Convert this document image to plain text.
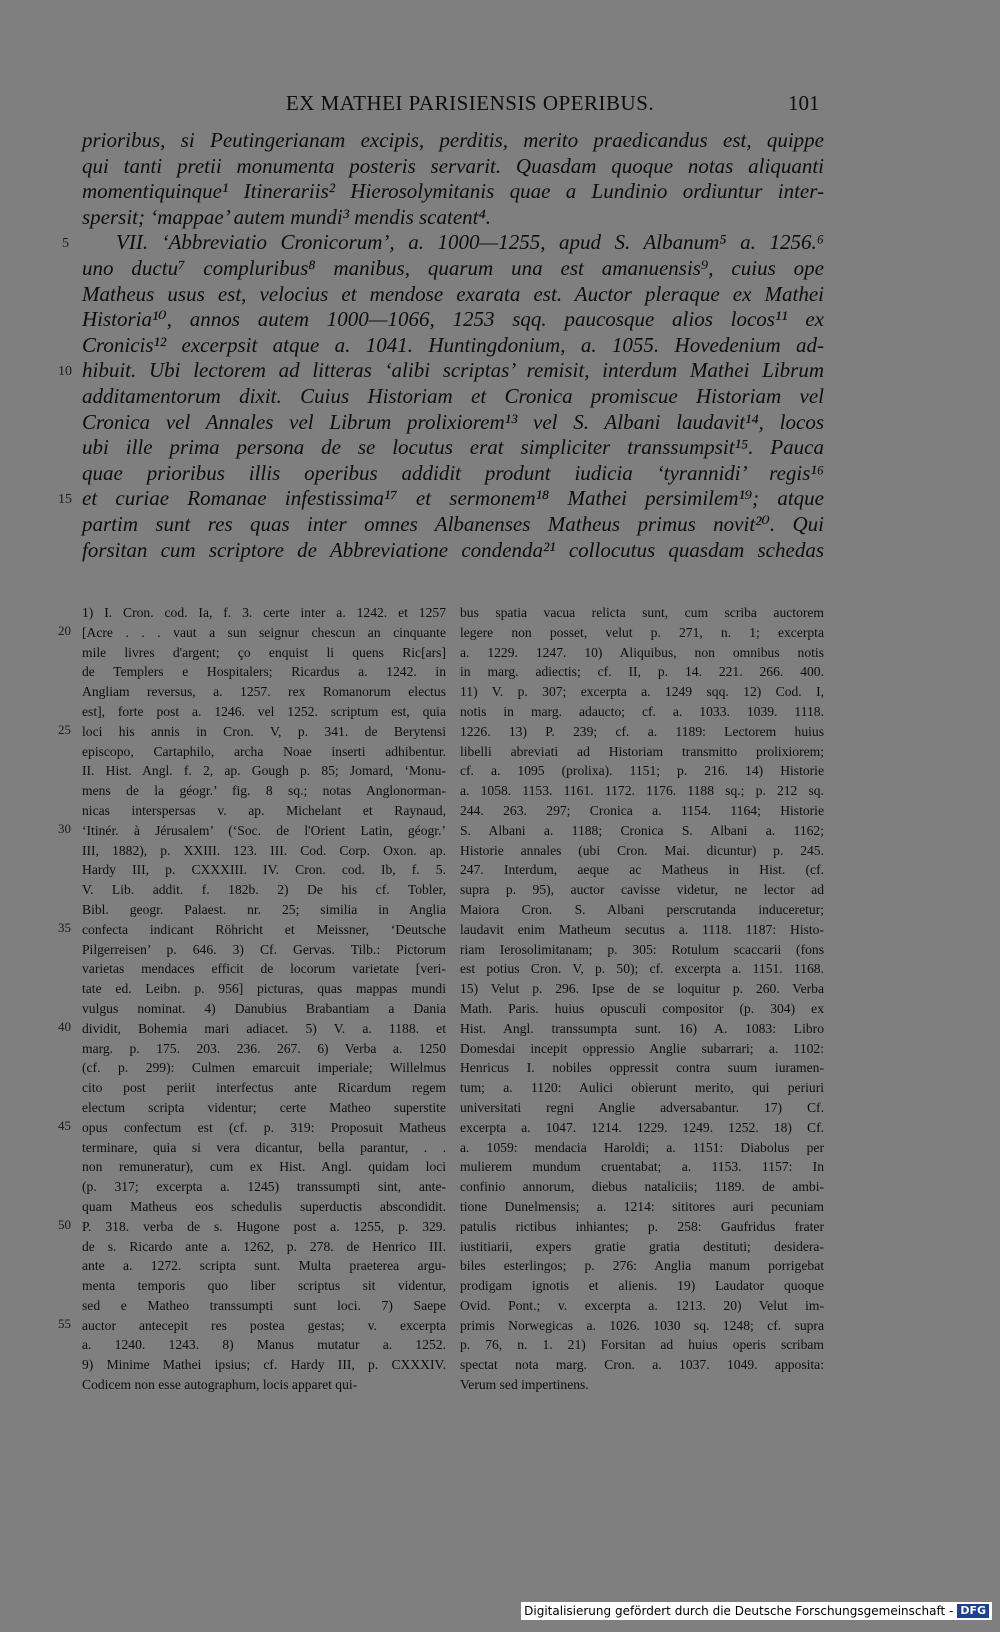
EX MATHEI PARISIENSIS OPERIBUS.	101
prioribus, si Peutingerianam excipis, perditis, merito praedicandus est, quippe
qui tanti pretii monumenta posteris servarit. Quasdam quoque notas aliquanti
momentiquinque¹ Itinerariis² Hierosolymitanis quae a Lundinio ordiuntur inter-
spersit; ‘mappae’ autem mundi³ mendis scatent⁴.
VII. ‘Abbreviatio Cronicorum’, a. 1000—1255, apud S. Albanum⁵ a. 1256.⁶
uno ductu⁷ compluribus⁸ manibus, quarum una est amanuensis⁹, cuius ope
Matheus usus est, velocius et mendose exarata est. Auctor pleraque ex Mathei
Historia¹⁰, annos autem 1000—1066, 1253 sqq. paucosque alios locos¹¹ ex
Cronicis¹² excerpsit atque a. 1041. Huntingdonium, a. 1055. Hovedenium ad-
hibuit. Ubi lectorem ad litteras ‘alibi scriptas’ remisit, interdum Mathei Librum
additamentorum dixit. Cuius Historiam et Cronica promiscue Historiam vel
Cronica vel Annales vel Librum prolixiorem¹³ vel S. Albani laudavit¹⁴, locos
ubi ille prima persona de se locutus erat simpliciter transsumpsit¹⁵. Pauca
quae prioribus illis operibus addidit produnt iudicia ‘tyrannidi’ regis¹⁶
et curiae Romanae infestissima¹⁷ et sermonem¹⁸ Mathei persimilem¹⁹; atque
partim sunt res quas inter omnes Albanenses Matheus primus novit²⁰. Qui
forsitan cum scriptore de Abbreviatione condenda²¹ collocutus quasdam schedas
5
10
15
1) I. Cron. cod. Ia, f. 3. certe inter a. 1242. et 1257
[Acre . . . vaut a sun seignur chescun an cinquante
mile livres d'argent; ço enquist li quens Ric[ars]
de Templers e Hospitalers; Ricardus a. 1242. in
Angliam reversus, a. 1257. rex Romanorum electus
est], forte post a. 1246. vel 1252. scriptum est, quia
loci his annis in Cron. V, p. 341. de Berytensi
episcopo, Cartaphilo, archa Noae inserti adhibentur.
II. Hist. Angl. f. 2, ap. Gough p. 85; Jomard, ‘Monu-
mens de la géogr.’ fig. 8 sq.; notas Anglonorman-
nicas interspersas v. ap. Michelant et Raynaud,
‘Itinér. à Jérusalem’ (‘Soc. de l'Orient Latin, géogr.’
III, 1882), p. XXIII. 123. III. Cod. Corp. Oxon. ap.
Hardy III, p. CXXXIII. IV. Cron. cod. Ib, f. 5.
V. Lib. addit. f. 182b. 2) De his cf. Tobler,
Bibl. geogr. Palaest. nr. 25; similia in Anglia
confecta indicant Röhricht et Meissner, ‘Deutsche
Pilgerreisen’ p. 646. 3) Cf. Gervas. Tilb.: Pictorum
varietas mendaces efficit de locorum varietate [veri-
tate ed. Leibn. p. 956] picturas, quas mappas mundi
vulgus nominat. 4) Danubius Brabantiam a Dania
dividit, Bohemia mari adiacet. 5) V. a. 1188. et
marg. p. 175. 203. 236. 267. 6) Verba a. 1250
(cf. p. 299): Culmen emarcuit imperiale; Willelmus
cito post periit interfectus ante Ricardum regem
electum scripta videntur; certe Matheo superstite
opus confectum est (cf. p. 319: Proposuit Matheus
terminare, quia si vera dicantur, bella parantur, . .
non remuneratur), cum ex Hist. Angl. quidam loci
(p. 317; excerpta a. 1245) transsumpti sint, ante-
quam Matheus eos schedulis superductis abscondidit.
P. 318. verba de s. Hugone post a. 1255, p. 329.
de s. Ricardo ante a. 1262, p. 278. de Henrico III.
ante a. 1272. scripta sunt. Multa praeterea argu-
menta temporis quo liber scriptus sit videntur,
sed e Matheo transsumpti sunt loci. 7) Saepe
auctor antecepit res postea gestas; v. excerpta
a. 1240. 1243. 8) Manus mutatur a. 1252.
9) Minime Mathei ipsius; cf. Hardy III, p. CXXXIV.
Codicem non esse autographum, locis apparet qui-
bus spatia vacua relicta sunt, cum scriba auctorem
legere non posset, velut p. 271, n. 1; excerpta
a. 1229. 1247. 10) Aliquibus, non omnibus notis
in marg. adiectis; cf. II, p. 14. 221. 266. 400.
11) V. p. 307; excerpta a. 1249 sqq. 12) Cod. I,
notis in marg. adaucto; cf. a. 1033. 1039. 1118.
1226. 13) P. 239; cf. a. 1189: Lectorem huius
libelli abreviati ad Historiam transmitto prolixiorem;
cf. a. 1095 (prolixa). 1151; p. 216. 14) Historie
a. 1058. 1153. 1161. 1172. 1176. 1188 sq.; p. 212 sq.
244. 263. 297; Cronica a. 1154. 1164; Historie
S. Albani a. 1188; Cronica S. Albani a. 1162;
Historie annales (ubi Cron. Mai. dicuntur) p. 245.
247. Interdum, aeque ac Matheus in Hist. (cf.
supra p. 95), auctor cavisse videtur, ne lector ad
Maiora Cron. S. Albani perscrutanda induceretur;
laudavit enim Matheum secutus a. 1118. 1187: Histo-
riam Ierosolimitanam; p. 305: Rotulum scaccarii (fons
est potius Cron. V, p. 50); cf. excerpta a. 1151. 1168.
15) Velut p. 296. Ipse de se loquitur p. 260. Verba
Math. Paris. huius opusculi compositor (p. 304) ex
Hist. Angl. transsumpta sunt. 16) A. 1083: Libro
Domesdai incepit oppressio Anglie subarrari; a. 1102:
Henricus I. nobiles oppressit contra suum iuramen-
tum; a. 1120: Aulici obierunt merito, qui periuri
universitati regni Anglie adversabantur. 17) Cf.
excerpta a. 1047. 1214. 1229. 1249. 1252. 18) Cf.
a. 1059: mendacia Haroldi; a. 1151: Diabolus per
mulierem mundum cruentabat; a. 1153. 1157: In
confinio annorum, diebus nataliciis; 1189. de ambi-
tione Dunelmensis; a. 1214: sititores auri pecuniam
patulis rictibus inhiantes; p. 258: Gaufridus frater
iustitiarii, expers gratie gratia destituti; desidera-
biles esterlingos; p. 276: Anglia manum porrigebat
prodigam ignotis et alienis. 19) Laudator quoque
Ovid. Pont.; v. excerpta a. 1213. 20) Velut im-
primis Norwegicas a. 1026. 1030 sq. 1248; cf. supra
p. 76, n. 1. 21) Forsitan ad huius operis scribam
spectat nota marg. Cron. a. 1037. 1049. apposita:
Verum sed impertinens.
20
25
30
35
40
45
50
55
Digitalisierung gefördert durch die Deutsche Forschungsgemeinschaft - DFG
